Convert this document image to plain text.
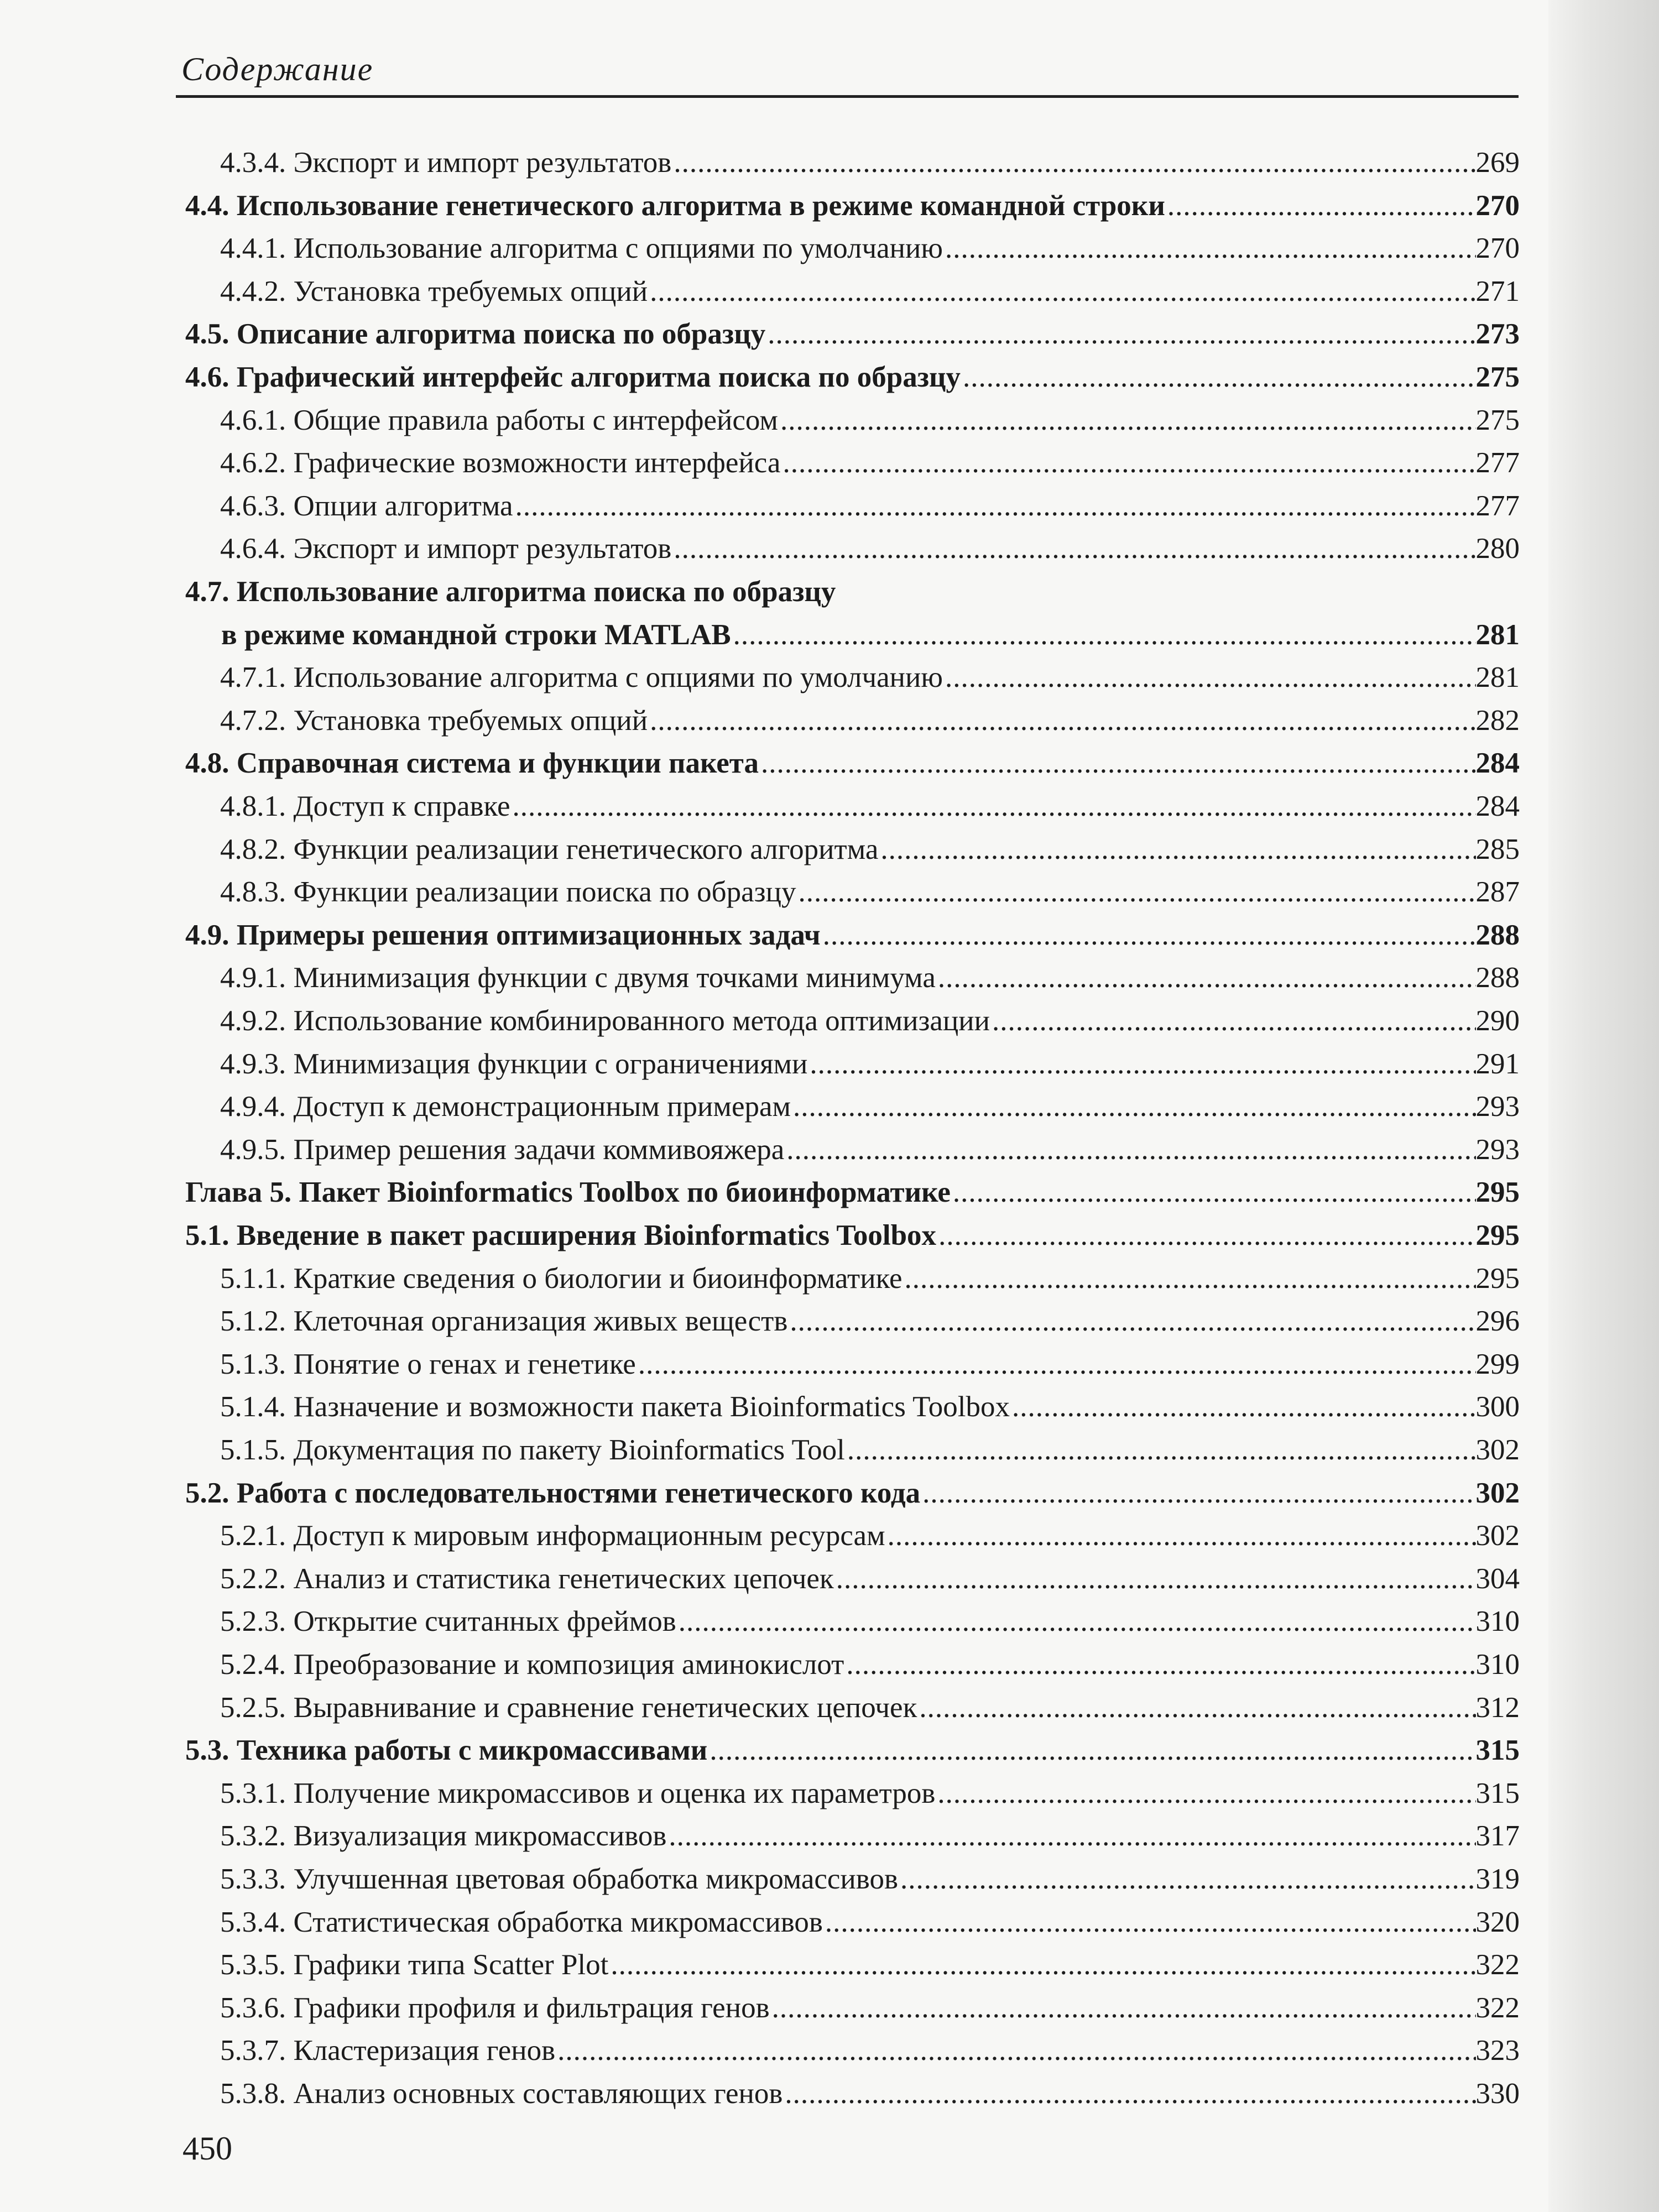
Содержание
4.3.4. Экспорт и импорт результатов .....	269
4.4. Использование генетического алгоритма в режиме командной строки .....	270
4.4.1. Использование алгоритма с опциями по умолчанию .....	270
4.4.2. Установка требуемых опций .....	271
4.5. Описание алгоритма поиска по образцу .....	273
4.6. Графический интерфейс алгоритма поиска по образцу .....	275
4.6.1. Общие правила работы с интерфейсом .....	275
4.6.2. Графические возможности интерфейса .....	277
4.6.3. Опции алгоритма .....	277
4.6.4. Экспорт и импорт результатов .....	280
4.7. Использование алгоритма поиска по образцу
в режиме командной строки MATLAB .....	281
4.7.1. Использование алгоритма с опциями по умолчанию .....	281
4.7.2. Установка требуемых опций .....	282
4.8. Справочная система и функции пакета .....	284
4.8.1. Доступ к справке .....	284
4.8.2. Функции реализации генетического алгоритма .....	285
4.8.3. Функции реализации поиска по образцу .....	287
4.9. Примеры решения оптимизационных задач .....	288
4.9.1. Минимизация функции с двумя точками минимума .....	288
4.9.2. Использование комбинированного метода оптимизации .....	290
4.9.3. Минимизация функции с ограничениями .....	291
4.9.4. Доступ к демонстрационным примерам .....	293
4.9.5. Пример решения задачи коммивояжера .....	293
Глава 5. Пакет Bioinformatics Toolbox по биоинформатике .....	295
5.1. Введение в пакет расширения Bioinformatics Toolbox .....	295
5.1.1. Краткие сведения о биологии и биоинформатике .....	295
5.1.2. Клеточная организация живых веществ .....	296
5.1.3. Понятие о генах и генетике .....	299
5.1.4. Назначение и возможности пакета Bioinformatics Toolbox .....	300
5.1.5. Документация по пакету Bioinformatics Tool .....	302
5.2. Работа с последовательностями генетического кода .....	302
5.2.1. Доступ к мировым информационным ресурсам .....	302
5.2.2. Анализ и статистика генетических цепочек .....	304
5.2.3. Открытие считанных фреймов .....	310
5.2.4. Преобразование и композиция аминокислот .....	310
5.2.5. Выравнивание и сравнение генетических цепочек .....	312
5.3. Техника работы с микромассивами .....	315
5.3.1. Получение микромассивов и оценка их параметров .....	315
5.3.2. Визуализация микромассивов .....	317
5.3.3. Улучшенная цветовая обработка микромассивов .....	319
5.3.4. Статистическая обработка микромассивов .....	320
5.3.5. Графики типа Scatter Plot .....	322
5.3.6. Графики профиля и фильтрация генов .....	322
5.3.7. Кластеризация генов .....	323
5.3.8. Анализ основных составляющих генов .....	330
450
